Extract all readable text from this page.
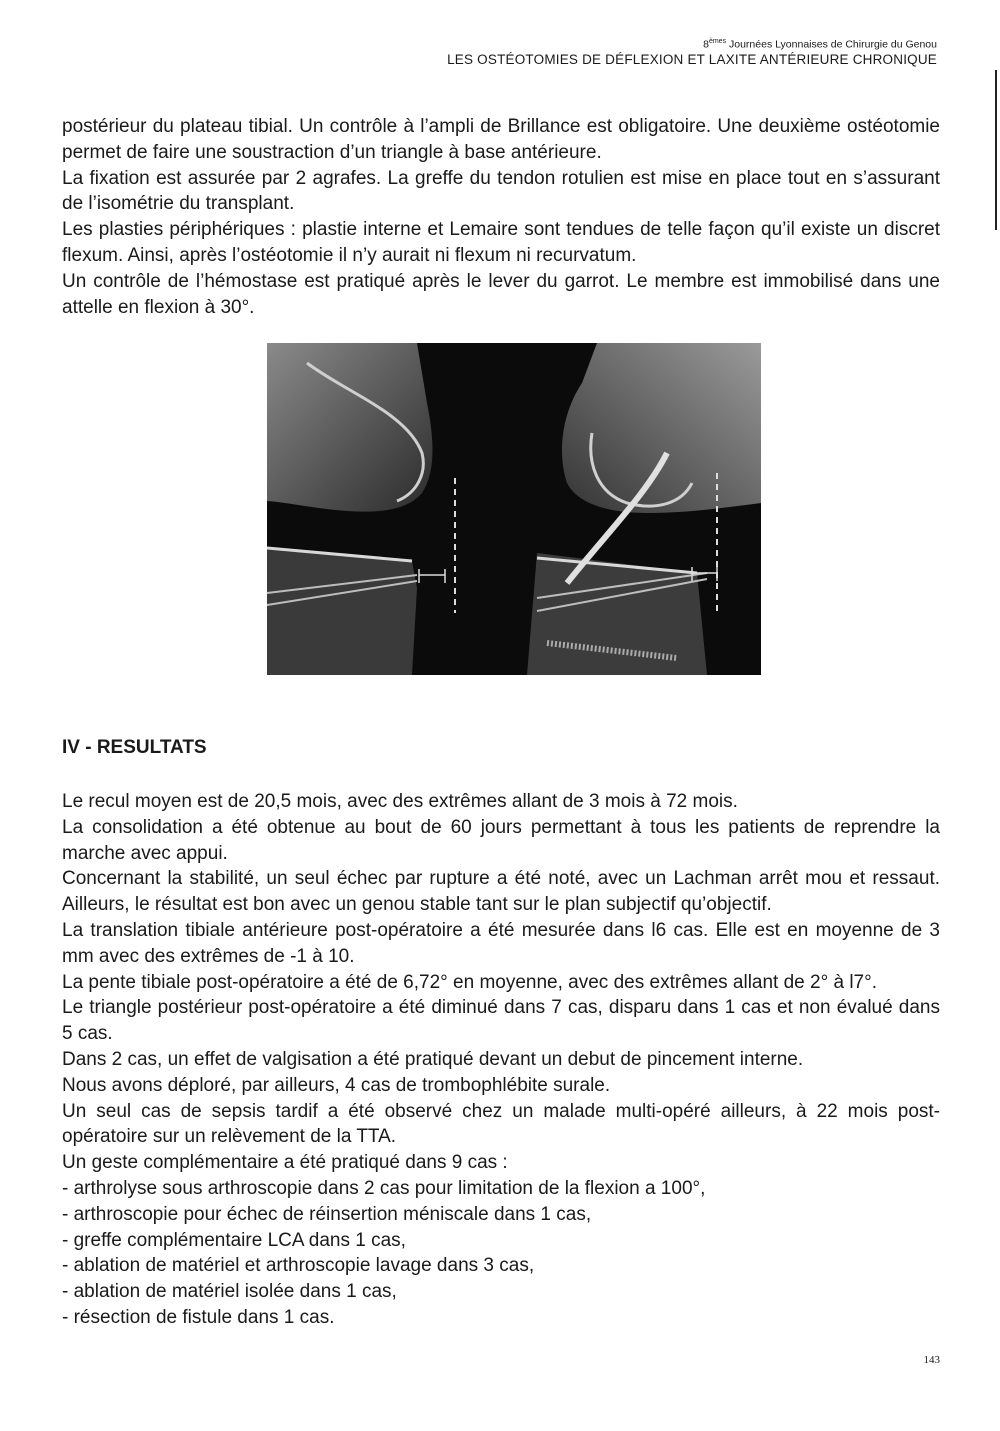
8èmes Journées Lyonnaises de Chirurgie du Genou
LES OSTÉOTOMIES DE DÉFLEXION ET LAXITE ANTÉRIEURE CHRONIQUE

postérieur du plateau tibial. Un contrôle à l’ampli de Brillance est obligatoire. Une deuxième ostéotomie permet de faire une soustraction d’un triangle à base antérieure.

La fixation est assurée par 2 agrafes. La greffe du tendon rotulien est mise en place tout en s’assurant de l’isométrie du transplant.

Les plasties périphériques : plastie interne et Lemaire sont tendues de telle façon qu’il existe un discret flexum. Ainsi, après l’ostéotomie il n’y aurait ni flexum ni recurvatum.

Un contrôle de l’hémostase est pratiqué après le lever du garrot. Le membre est immobilisé dans une attelle en flexion à 30°.

IV - RESULTATS

Le recul moyen est de 20,5 mois, avec des extrêmes allant de 3 mois à 72 mois.

La consolidation a été obtenue au bout de 60 jours permettant à tous les patients de reprendre la marche avec appui.

Concernant la stabilité, un seul échec par rupture a été noté, avec un Lachman arrêt mou et ressaut. Ailleurs, le résultat est bon avec un genou stable tant sur le plan subjectif qu’objectif.

La translation tibiale antérieure post-opératoire a été mesurée dans l6 cas. Elle est en moyenne de 3 mm avec des extrêmes de -1 à 10.

La pente tibiale post-opératoire a été de 6,72° en moyenne, avec des extrêmes allant de 2° à l7°.

Le triangle postérieur post-opératoire a été diminué dans 7 cas, disparu dans 1 cas et non évalué dans 5 cas.

Dans 2 cas, un effet de valgisation a été pratiqué devant un debut de pincement interne.

Nous avons déploré, par ailleurs, 4 cas de trombophlébite surale.

Un seul cas de sepsis tardif a été observé chez un malade multi-opéré ailleurs, à 22 mois post-opératoire sur un relèvement de la TTA.

Un geste complémentaire a été pratiqué dans 9 cas :

- arthrolyse sous arthroscopie dans 2 cas pour limitation de la flexion a 100°,

- arthroscopie pour échec de réinsertion méniscale dans 1 cas,

- greffe complémentaire LCA dans 1 cas,

- ablation de matériel et arthroscopie lavage dans 3 cas,

- ablation de matériel isolée dans 1 cas,

- résection de fistule dans 1 cas.

143
